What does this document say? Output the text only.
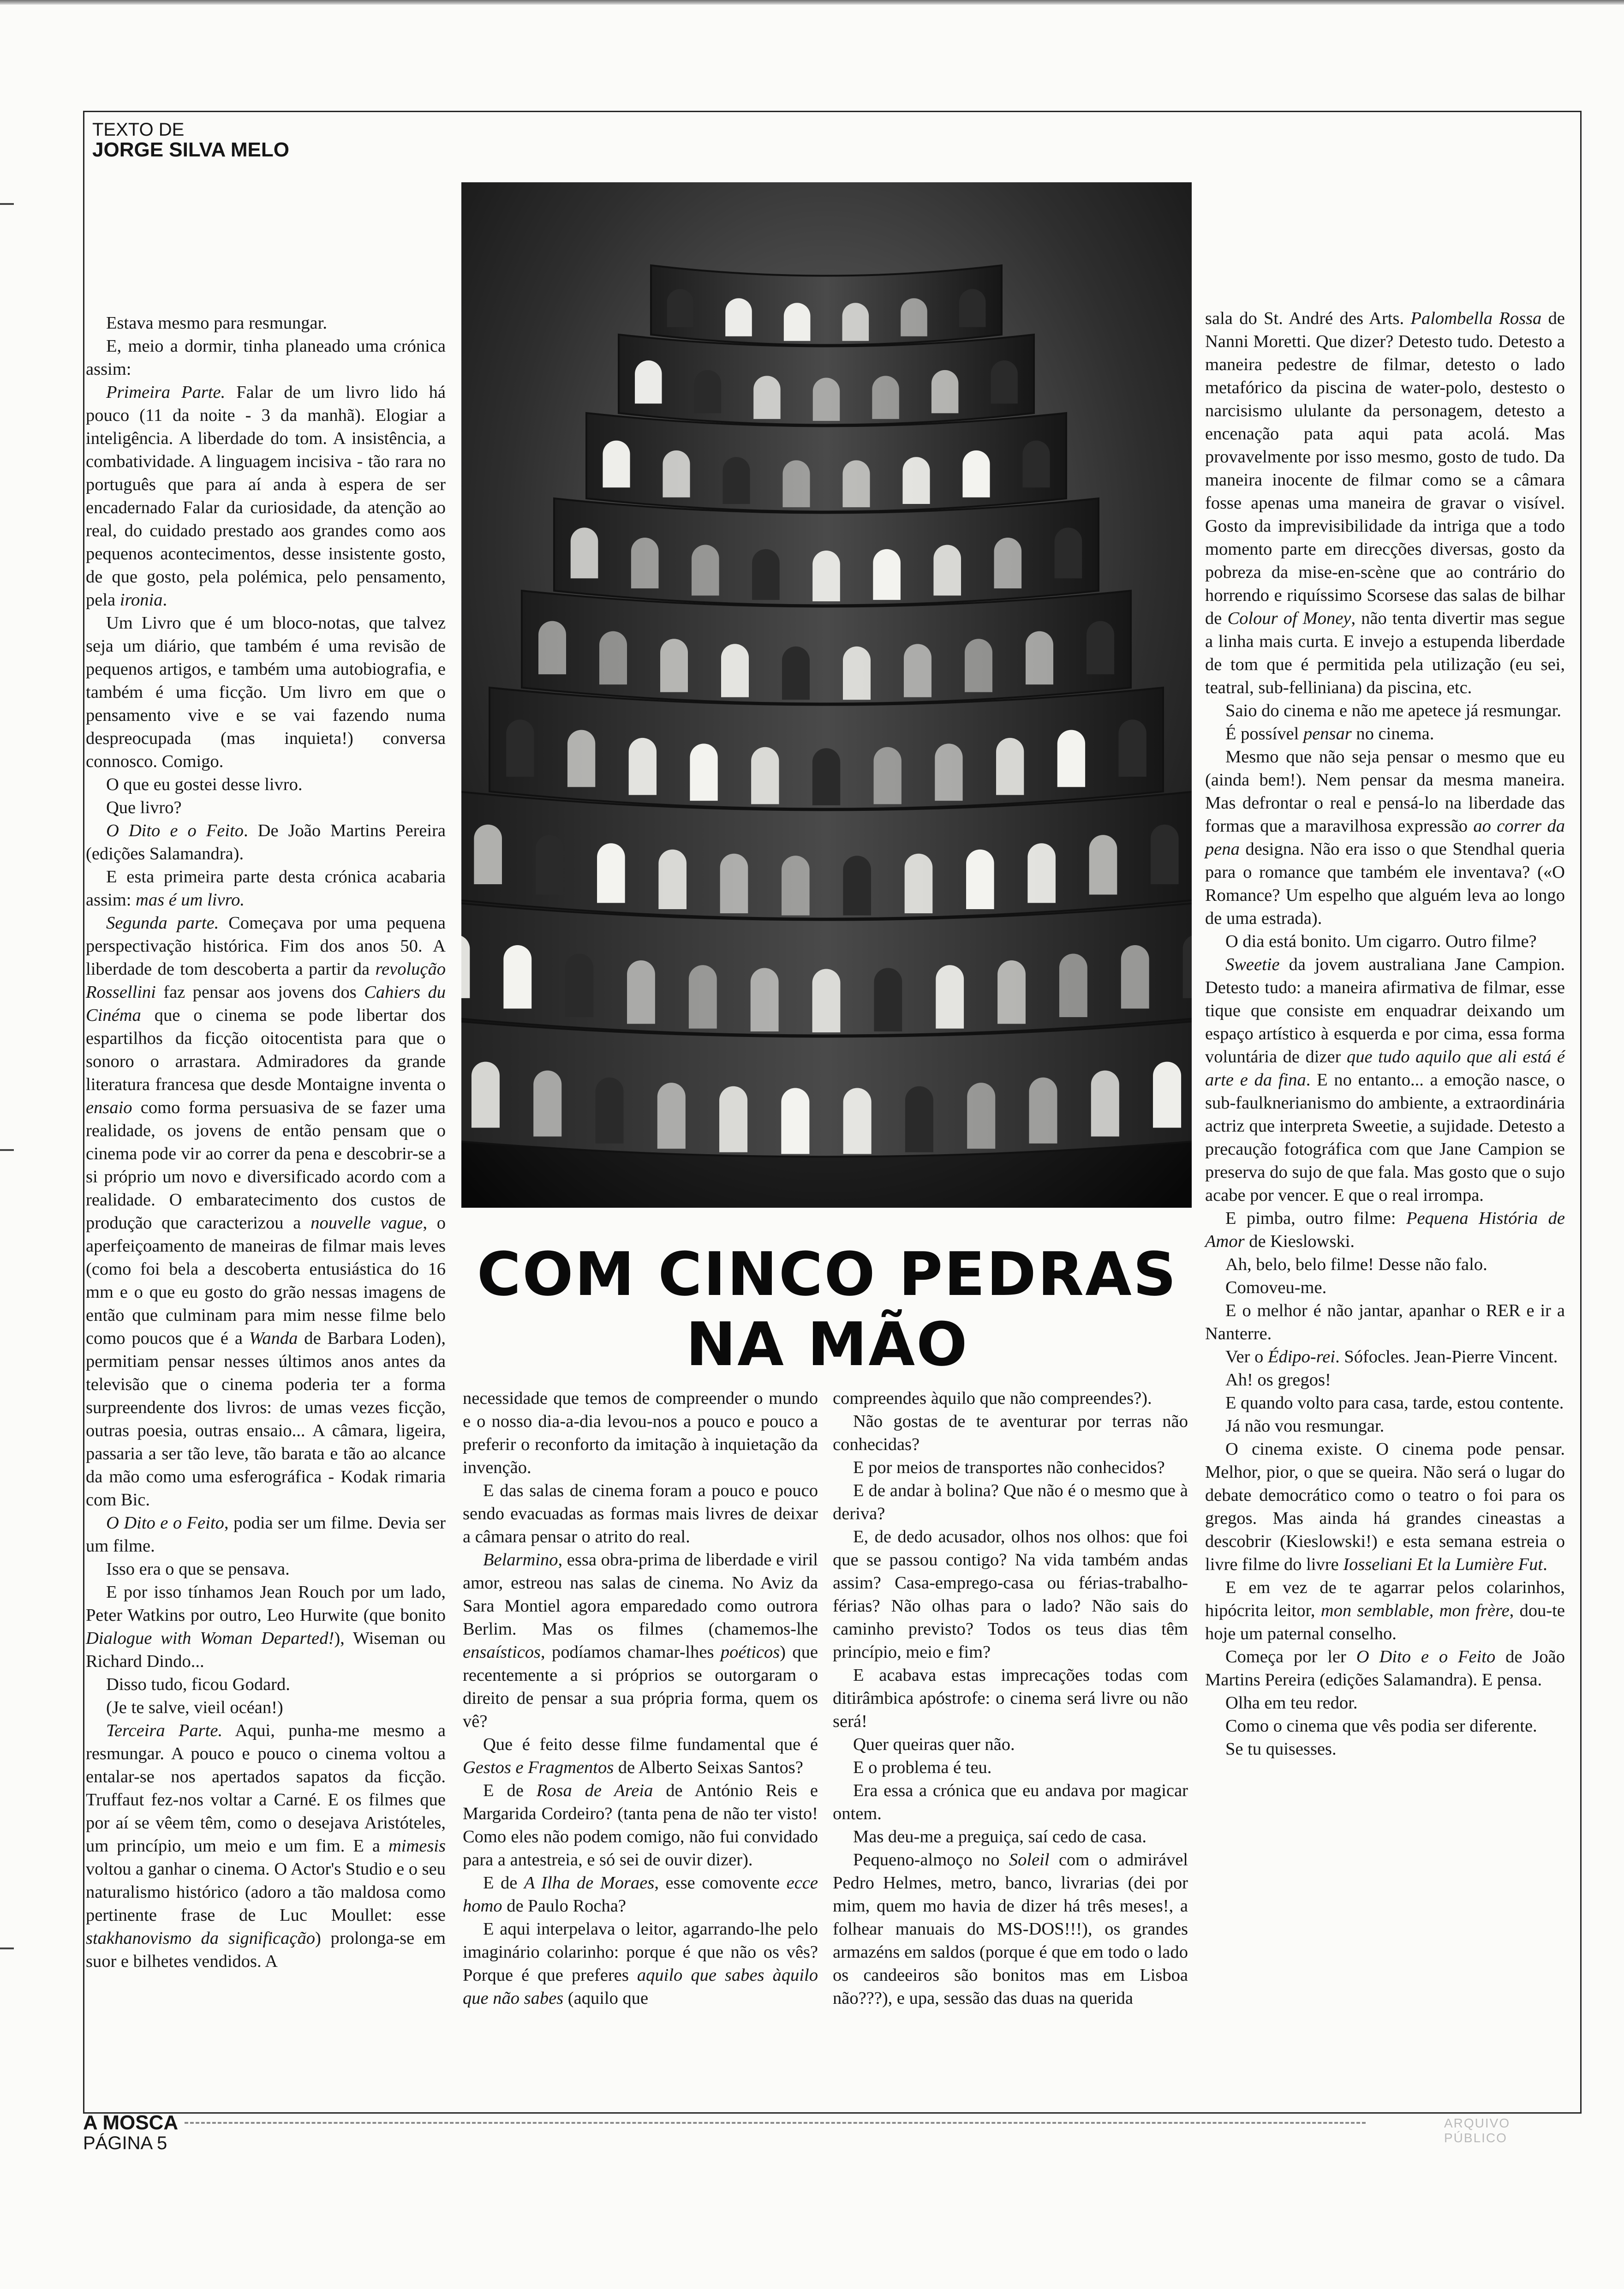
TEXTO DE
JORGE SILVA MELO

Estava mesmo para resmungar.

E, meio a dormir, tinha planeado uma crónica assim:

Primeira Parte. Falar de um livro lido há pouco (11 da noite - 3 da manhã). Elogiar a inteligência. A liberdade do tom. A insistência, a combatividade. A linguagem incisiva - tão rara no português que para aí anda à espera de ser encadernado Falar da curiosidade, da atenção ao real, do cuidado prestado aos grandes como aos pequenos acontecimentos, desse insistente gosto, de que gosto, pela polémica, pelo pensamento, pela ironia.

Um Livro que é um bloco-notas, que talvez seja um diário, que também é uma revisão de pequenos artigos, e também uma autobiografia, e também é uma ficção. Um livro em que o pensamento vive e se vai fazendo numa despreocupada (mas inquieta!) conversa connosco. Comigo.

O que eu gostei desse livro.

Que livro?

O Dito e o Feito. De João Martins Pereira (edições Salamandra).

E esta primeira parte desta crónica acabaria assim: mas é um livro.

Segunda parte. Começava por uma pequena perspectivação histórica. Fim dos anos 50. A liberdade de tom descoberta a partir da revolução Rossellini faz pensar aos jovens dos Cahiers du Cinéma que o cinema se pode libertar dos espartilhos da ficção oitocentista para que o sonoro o arrastara. Admiradores da grande literatura francesa que desde Montaigne inventa o ensaio como forma persuasiva de se fazer uma realidade, os jovens de então pensam que o cinema pode vir ao correr da pena e descobrir-se a si próprio um novo e diversificado acordo com a realidade. O embaratecimento dos custos de produção que caracterizou a nouvelle vague, o aperfeiçoamento de maneiras de filmar mais leves (como foi bela a descoberta entusiástica do 16 mm e o que eu gosto do grão nessas imagens de então que culminam para mim nesse filme belo como poucos que é a Wanda de Barbara Loden), permitiam pensar nesses últimos anos antes da televisão que o cinema poderia ter a forma surpreendente dos livros: de umas vezes ficção, outras poesia, outras ensaio... A câmara, ligeira, passaria a ser tão leve, tão barata e tão ao alcance da mão como uma esferográfica - Kodak rimaria com Bic.

O Dito e o Feito, podia ser um filme. Devia ser um filme.

Isso era o que se pensava.

E por isso tínhamos Jean Rouch por um lado, Peter Watkins por outro, Leo Hurwite (que bonito Dialogue with Woman Departed!), Wiseman ou Richard Dindo...

Disso tudo, ficou Godard.

(Je te salve, vieil océan!)

Terceira Parte. Aqui, punha-me mesmo a resmungar. A pouco e pouco o cinema voltou a entalar-se nos apertados sapatos da ficção. Truffaut fez-nos voltar a Carné. E os filmes que por aí se vêem têm, como o desejava Aristóteles, um princípio, um meio e um fim. E a mimesis voltou a ganhar o cinema. O Actor's Studio e o seu naturalismo histórico (adoro a tão maldosa como pertinente frase de Luc Moullet: esse stakhanovismo da significação) prolonga-se em suor e bilhetes vendidos. A

COM CINCO PEDRAS
NA MÃO

necessidade que temos de compreender o mundo e o nosso dia-a-dia levou-nos a pouco e pouco a preferir o reconforto da imitação à inquietação da invenção.

E das salas de cinema foram a pouco e pouco sendo evacuadas as formas mais livres de deixar a câmara pensar o atrito do real.

Belarmino, essa obra-prima de liberdade e viril amor, estreou nas salas de cinema. No Aviz da Sara Montiel agora emparedado como outrora Berlim. Mas os filmes (chamemos-lhe ensaísticos, podíamos chamar-lhes poéticos) que recentemente a si próprios se outorgaram o direito de pensar a sua própria forma, quem os vê?

Que é feito desse filme fundamental que é Gestos e Fragmentos de Alberto Seixas Santos?

E de Rosa de Areia de António Reis e Margarida Cordeiro? (tanta pena de não ter visto! Como eles não podem comigo, não fui convidado para a antestreia, e só sei de ouvir dizer).

E de A Ilha de Moraes, esse comovente ecce homo de Paulo Rocha?

E aqui interpelava o leitor, agarrando-lhe pelo imaginário colarinho: porque é que não os vês? Porque é que preferes aquilo que sabes àquilo que não sabes (aquilo que

compreendes àquilo que não compreendes?).

Não gostas de te aventurar por terras não conhecidas?

E por meios de transportes não conhecidos?

E de andar à bolina? Que não é o mesmo que à deriva?

E, de dedo acusador, olhos nos olhos: que foi que se passou contigo? Na vida também andas assim? Casa-emprego-casa ou férias-trabalho-férias? Não olhas para o lado? Não sais do caminho previsto? Todos os teus dias têm princípio, meio e fim?

E acabava estas imprecações todas com ditirâmbica apóstrofe: o cinema será livre ou não será!

Quer queiras quer não.

E o problema é teu.

Era essa a crónica que eu andava por magicar ontem.

Mas deu-me a preguiça, saí cedo de casa.

Pequeno-almoço no Soleil com o admirável Pedro Helmes, metro, banco, livrarias (dei por mim, quem mo havia de dizer há três meses!, a folhear manuais do MS-DOS!!!), os grandes armazéns em saldos (porque é que em todo o lado os candeeiros são bonitos mas em Lisboa não???), e upa, sessão das duas na querida

sala do St. André des Arts. Palombella Rossa de Nanni Moretti. Que dizer? Detesto tudo. Detesto a maneira pedestre de filmar, detesto o lado metafórico da piscina de water-polo, destesto o narcisismo ululante da personagem, detesto a encenação pata aqui pata acolá. Mas provavelmente por isso mesmo, gosto de tudo. Da maneira inocente de filmar como se a câmara fosse apenas uma maneira de gravar o visível. Gosto da imprevisibilidade da intriga que a todo momento parte em direcções diversas, gosto da pobreza da mise-en-scène que ao contrário do horrendo e riquíssimo Scorsese das salas de bilhar de Colour of Money, não tenta divertir mas segue a linha mais curta. E invejo a estupenda liberdade de tom que é permitida pela utilização (eu sei, teatral, sub-felliniana) da piscina, etc.

Saio do cinema e não me apetece já resmungar.

É possível pensar no cinema.

Mesmo que não seja pensar o mesmo que eu (ainda bem!). Nem pensar da mesma maneira. Mas defrontar o real e pensá-lo na liberdade das formas que a maravilhosa expressão ao correr da pena designa. Não era isso o que Stendhal queria para o romance que também ele inventava? («O Romance? Um espelho que alguém leva ao longo de uma estrada).

O dia está bonito. Um cigarro. Outro filme?

Sweetie da jovem australiana Jane Campion. Detesto tudo: a maneira afirmativa de filmar, esse tique que consiste em enquadrar deixando um espaço artístico à esquerda e por cima, essa forma voluntária de dizer que tudo aquilo que ali está é arte e da fina. E no entanto... a emoção nasce, o sub-faulknerianismo do ambiente, a extraordinária actriz que interpreta Sweetie, a sujidade. Detesto a precaução fotográfica com que Jane Campion se preserva do sujo de que fala. Mas gosto que o sujo acabe por vencer. E que o real irrompa.

E pimba, outro filme: Pequena História de Amor de Kieslowski.

Ah, belo, belo filme! Desse não falo.

Comoveu-me.

E o melhor é não jantar, apanhar o RER e ir a Nanterre.

Ver o Édipo-rei. Sófocles. Jean-Pierre Vincent.

Ah! os gregos!

E quando volto para casa, tarde, estou contente.

Já não vou resmungar.

O cinema existe. O cinema pode pensar. Melhor, pior, o que se queira. Não será o lugar do debate democrático como o teatro o foi para os gregos. Mas ainda há grandes cineastas a descobrir (Kieslowski!) e esta semana estreia o livre filme do livre Iosseliani Et la Lumière Fut.

E em vez de te agarrar pelos colarinhos, hipócrita leitor, mon semblable, mon frère, dou-te hoje um paternal conselho.

Começa por ler O Dito e o Feito de João Martins Pereira (edições Salamandra). E pensa.

Olha em teu redor.

Como o cinema que vês podia ser diferente.

Se tu quisesses.

A MOSCA
PÁGINA 5
ARQUIVO
PÚBLICO
